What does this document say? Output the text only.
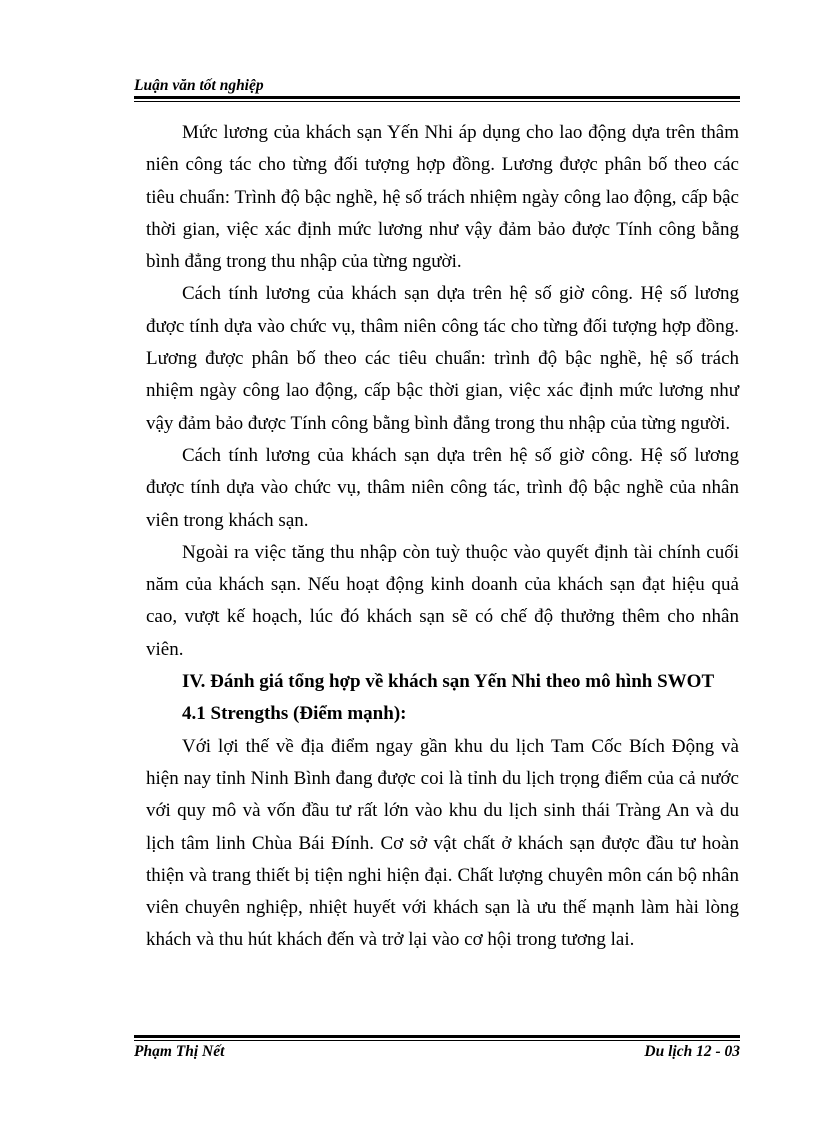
Luận văn tốt nghiệp

Mức lương của khách sạn Yến Nhi áp dụng cho lao động dựa trên thâm niên công tác cho từng đối tượng hợp đồng. Lương được phân bố theo các tiêu chuẩn: Trình độ bậc nghề, hệ số trách nhiệm ngày công lao động, cấp bậc thời gian, việc xác định mức lương như vậy đảm bảo được Tính công bằng bình đẳng trong thu nhập của từng người.

Cách tính lương của khách sạn dựa trên hệ số giờ công. Hệ số lương được tính dựa vào chức vụ, thâm niên công tác cho từng đối tượng hợp đồng. Lương được phân bố theo các tiêu chuẩn: trình độ bậc nghề, hệ số trách nhiệm ngày công lao động, cấp bậc thời gian, việc xác định mức lương như vậy đảm bảo được Tính công bằng bình đẳng trong thu nhập của từng người.

Cách tính lương của khách sạn dựa trên hệ số giờ công. Hệ số lương được tính dựa vào chức vụ, thâm niên công tác, trình độ bậc nghề của nhân viên trong khách sạn.

Ngoài ra việc tăng thu nhập còn tuỳ thuộc vào quyết định tài chính cuối năm của khách sạn. Nếu hoạt động kinh doanh của khách sạn đạt hiệu quả cao, vượt kế hoạch, lúc đó khách sạn sẽ có chế độ thưởng thêm cho nhân viên.

IV. Đánh giá tổng hợp về khách sạn Yến Nhi theo mô hình SWOT

4.1 Strengths (Điểm mạnh):

Với lợi thế về địa điểm ngay gần khu du lịch Tam Cốc Bích Động và hiện nay tỉnh Ninh Bình đang được coi là tỉnh du lịch trọng điểm của cả nước với quy mô và vốn đầu tư rất lớn vào khu du lịch sinh thái Tràng An và du lịch tâm linh Chùa Bái Đính. Cơ sở vật chất ở khách sạn được đầu tư hoàn thiện và trang thiết bị tiện nghi hiện đại. Chất lượng chuyên môn cán bộ nhân viên chuyên nghiệp, nhiệt huyết với khách sạn là ưu thế mạnh làm hài lòng khách và thu hút khách đến và trở lại vào cơ hội trong tương lai.

Phạm Thị Nết	Du lịch 12 - 03
